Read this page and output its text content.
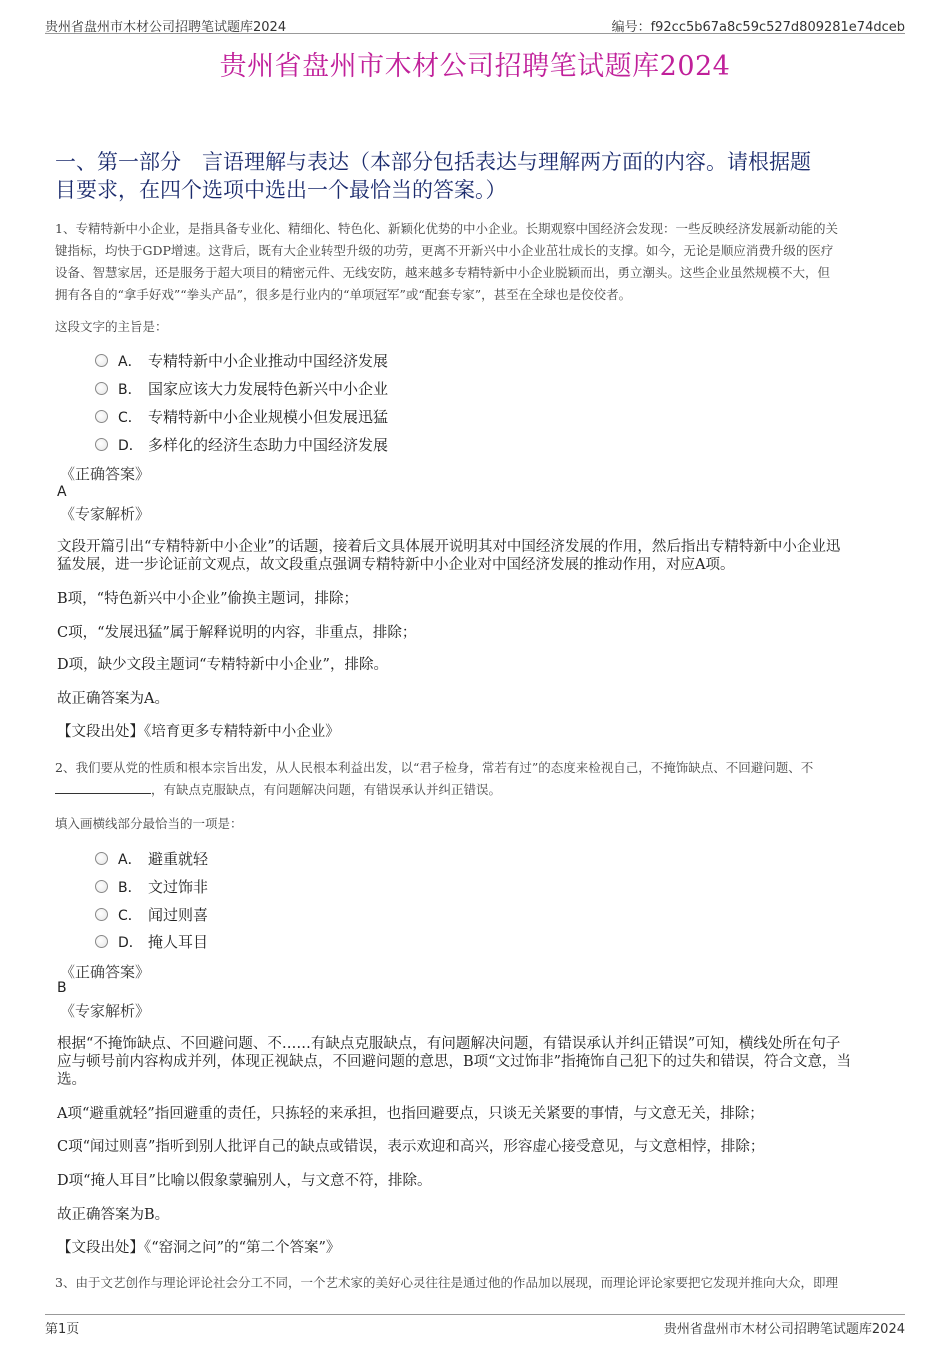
贵州省盘州市木材公司招聘笔试题库2024	编号：f92cc5b67a8c59c527d809281e74dceb
贵州省盘州市木材公司招聘笔试题库2024
一、第一部分　言语理解与表达（本部分包括表达与理解两方面的内容。请根据题
目要求，在四个选项中选出一个最恰当的答案。）
1、专精特新中小企业，是指具备专业化、精细化、特色化、新颖化优势的中小企业。长期观察中国经济会发现：一些反映经济发展新动能的关
键指标，均快于GDP增速。这背后，既有大企业转型升级的功劳，更离不开新兴中小企业茁壮成长的支撑。如今，无论是顺应消费升级的医疗
设备、智慧家居，还是服务于超大项目的精密元件、无线安防，越来越多专精特新中小企业脱颖而出，勇立潮头。这些企业虽然规模不大，但
拥有各自的“拿手好戏”“拳头产品”，很多是行业内的“单项冠军”或“配套专家”，甚至在全球也是佼佼者。
这段文字的主旨是：
A． 专精特新中小企业推动中国经济发展
B． 国家应该大力发展特色新兴中小企业
C． 专精特新中小企业规模小但发展迅猛
D． 多样化的经济生态助力中国经济发展
《正确答案》
A
《专家解析》
文段开篇引出“专精特新中小企业”的话题，接着后文具体展开说明其对中国经济发展的作用，然后指出专精特新中小企业迅
猛发展，进一步论证前文观点，故文段重点强调专精特新中小企业对中国经济发展的推动作用，对应A项。
B项，“特色新兴中小企业”偷换主题词，排除；
C项，“发展迅猛”属于解释说明的内容，非重点，排除；
D项，缺少文段主题词“专精特新中小企业”，排除。
故正确答案为A。
【文段出处】《培育更多专精特新中小企业》
2、我们要从党的性质和根本宗旨出发，从人民根本利益出发，以“君子检身，常若有过”的态度来检视自己，不掩饰缺点、不回避问题、不
，有缺点克服缺点，有问题解决问题，有错误承认并纠正错误。
填入画横线部分最恰当的一项是：
A． 避重就轻
B． 文过饰非
C． 闻过则喜
D． 掩人耳目
《正确答案》
B
《专家解析》
根据“不掩饰缺点、不回避问题、不……有缺点克服缺点，有问题解决问题，有错误承认并纠正错误”可知，横线处所在句子
应与顿号前内容构成并列，体现正视缺点，不回避问题的意思，B项“文过饰非”指掩饰自己犯下的过失和错误，符合文意，当
选。
A项“避重就轻”指回避重的责任，只拣轻的来承担，也指回避要点，只谈无关紧要的事情，与文意无关，排除；
C项“闻过则喜”指听到别人批评自己的缺点或错误，表示欢迎和高兴，形容虚心接受意见，与文意相悖，排除；
D项“掩人耳目”比喻以假象蒙骗别人，与文意不符，排除。
故正确答案为B。
【文段出处】《“窑洞之问”的“第二个答案”》
3、由于文艺创作与理论评论社会分工不同，一个艺术家的美好心灵往往是通过他的作品加以展现，而理论评论家要把它发现并推向大众，即理
第1页	贵州省盘州市木材公司招聘笔试题库2024
